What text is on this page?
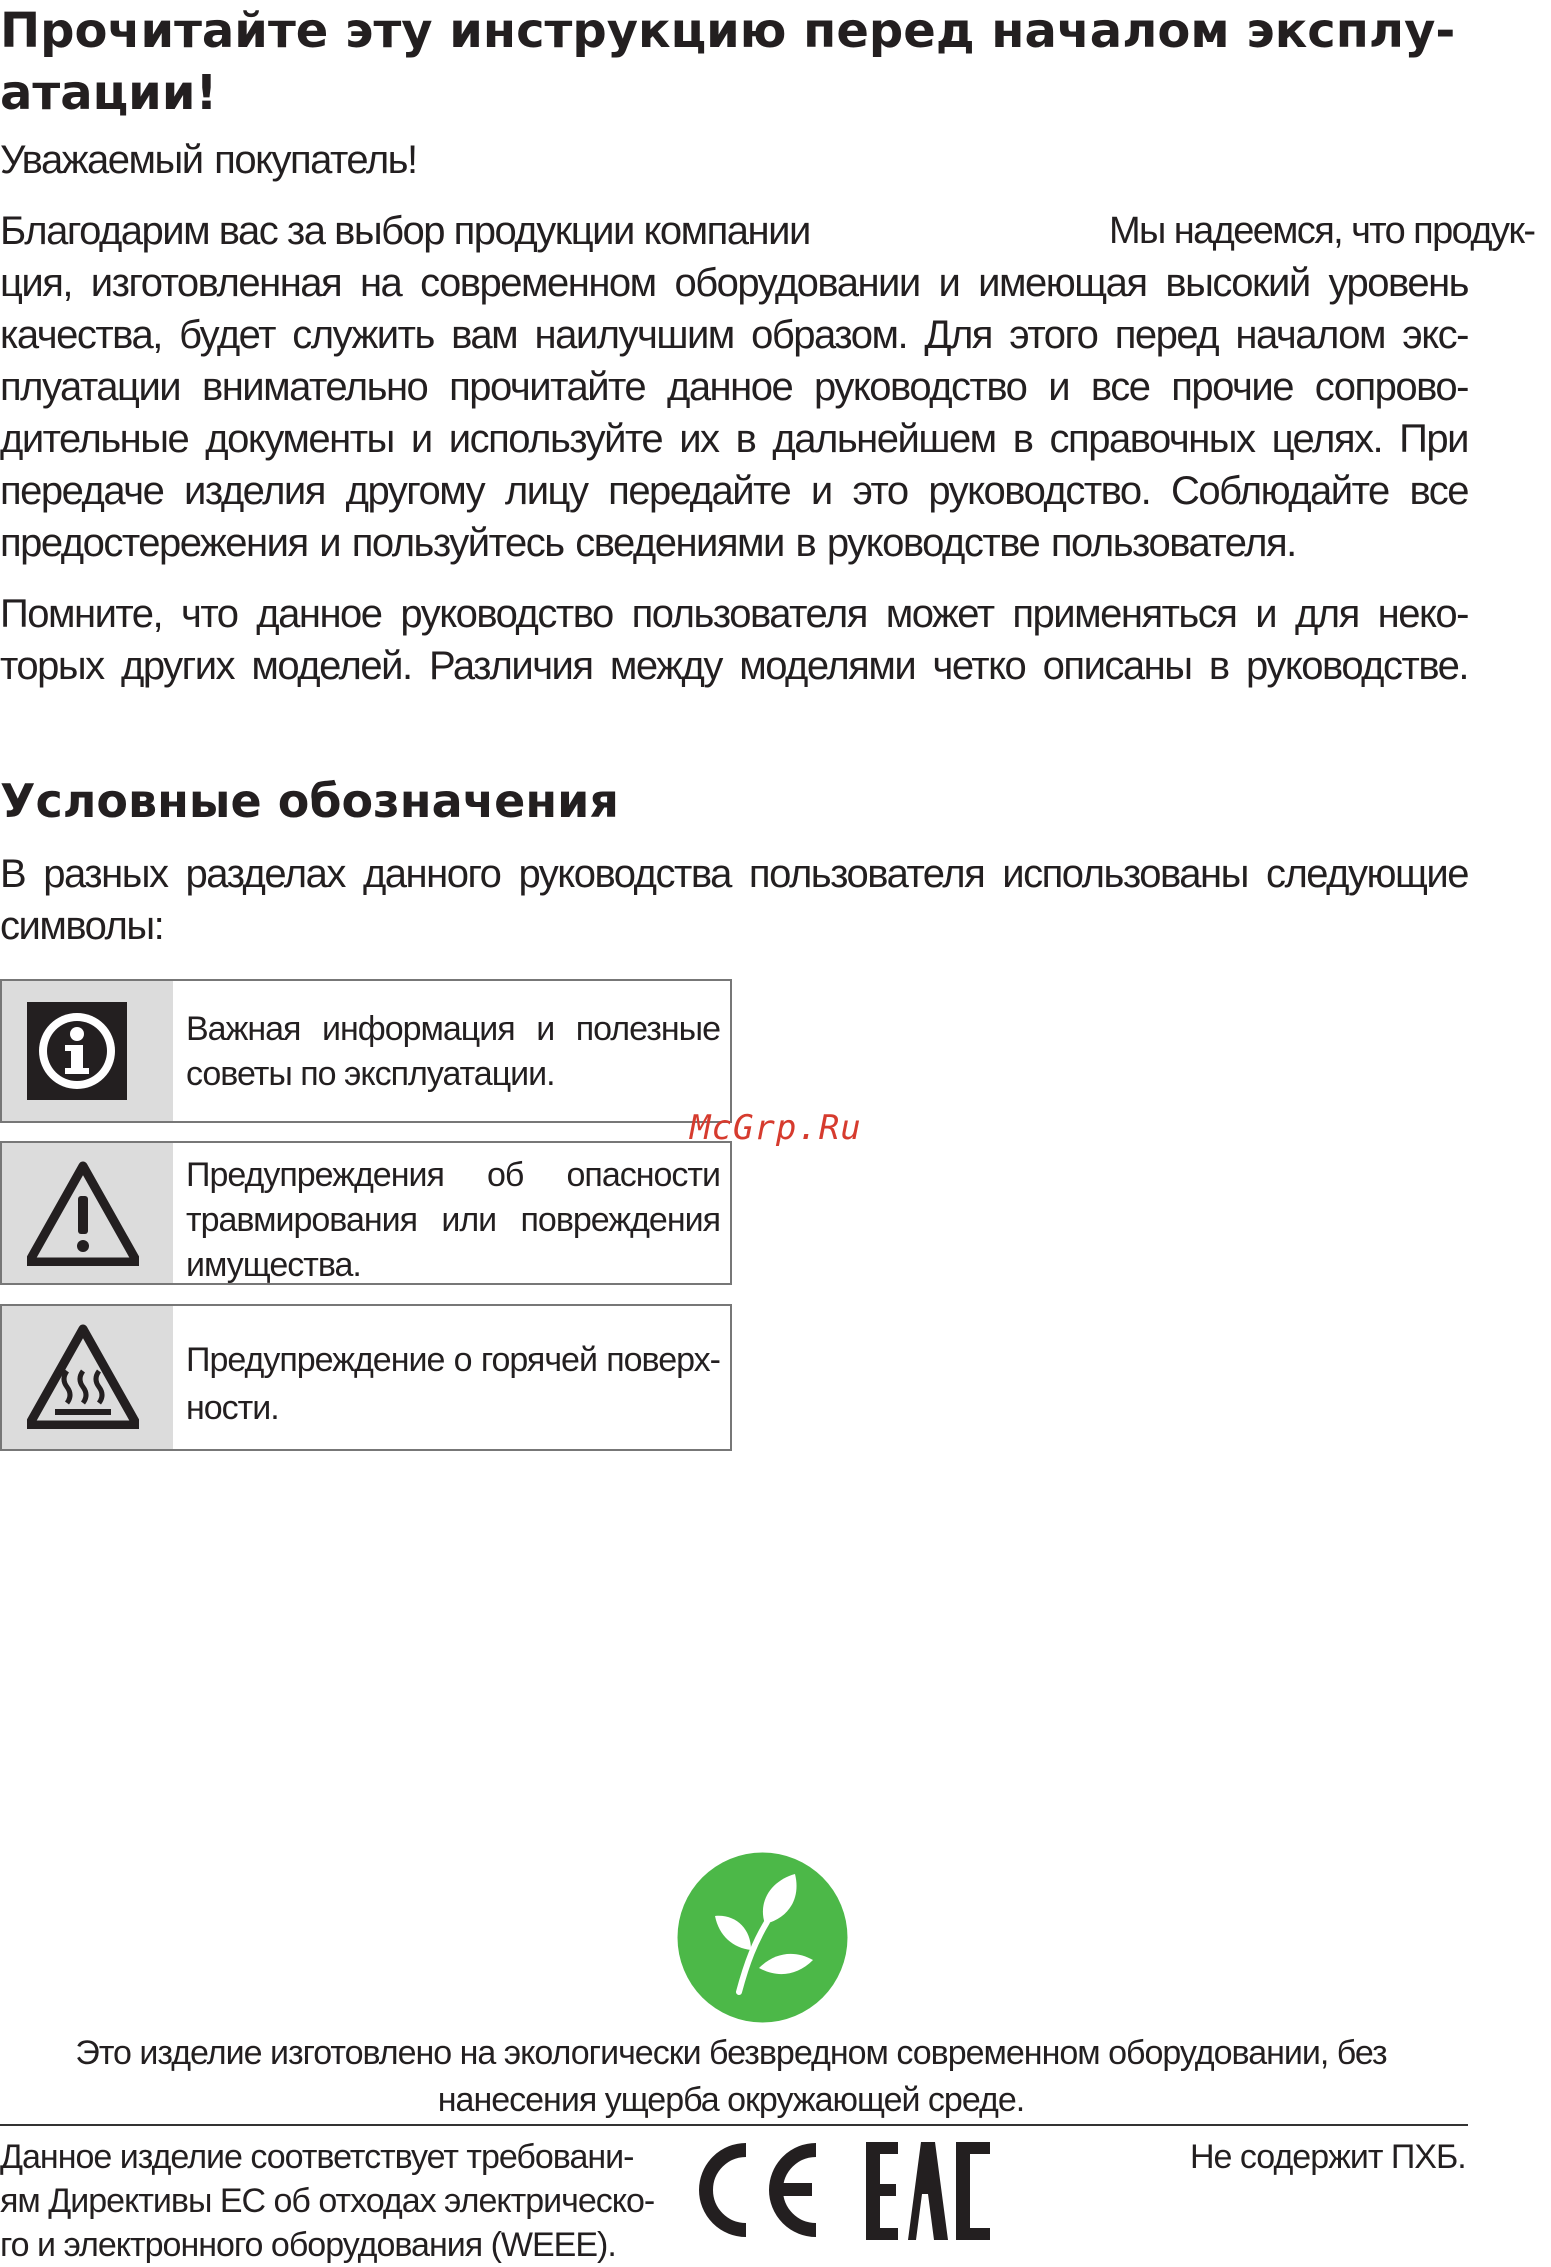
Прочитайте эту инструкцию перед началом эксплу-
атации!

Уважаемый покупатель!

Благодарим вас за выбор продукции компании	Мы надеемся, что продук-
ция, изготовленная на современном оборудовании и имеющая высокий уровень
качества, будет служить вам наилучшим образом. Для этого перед началом экс-
плуатации внимательно прочитайте данное руководство и все прочие сопрово-
дительные документы и используйте их в дальнейшем в справочных целях. При
передаче изделия другому лицу передайте и это руководство. Соблюдайте все
предостережения и пользуйтесь сведениями в руководстве пользователя.
Помните, что данное руководство пользователя может применяться и для неко-
торых других моделей. Различия между моделями четко описаны в руководстве.
Условные обозначения
В разных разделах данного руководства пользователя использованы следующие
символы:
Важная информация и полезные советы по эксплуатации.
Предупреждения об опасности травмирования или повреждения имущества.
Предупреждение о горячей поверх-ности.
McGrp.Ru
Это изделие изготовлено на экологически безвредном современном оборудовании, без
нанесения ущерба окружающей среде.
Данное изделие соответствует требовани-
ям Директивы ЕС об отходах электрическо-
го и электронного оборудования (WEEE).
Не содержит ПХБ.
